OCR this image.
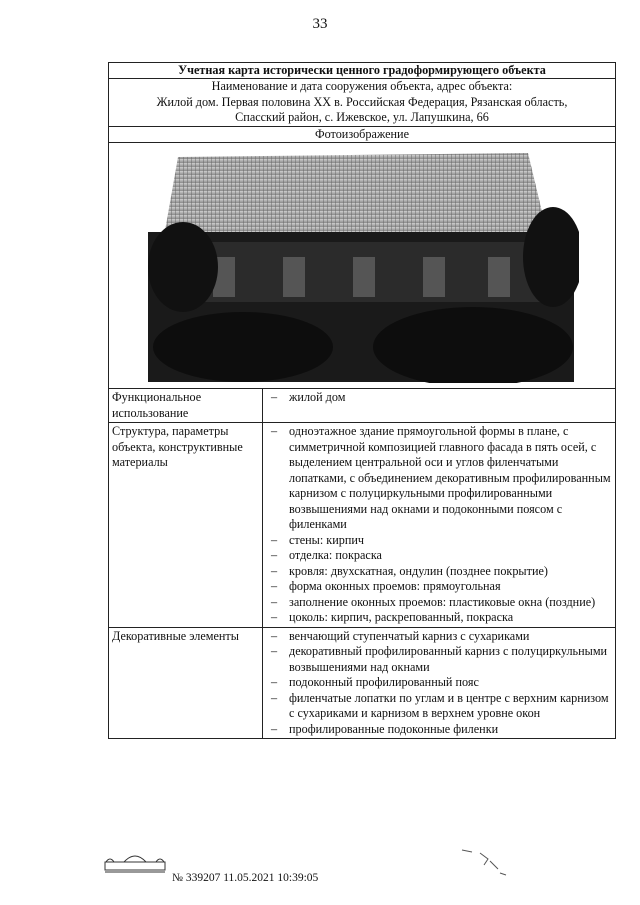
33
Учетная карта исторически ценного градоформирующего объекта
Наименование и дата сооружения объекта, адрес объекта:
Жилой дом. Первая половина XX в. Российская Федерация, Рязанская область,
Спасский район, с. Ижевское, ул. Лапушкина, 66
Фотоизображение
Функциональное использование
– жилой дом
Структура, параметры объекта, конструктивные материалы
– одноэтажное здание прямоугольной формы в плане, с симметричной композицией главного фасада в пять осей, с выделением центральной оси и углов филенчатыми лопатками, с объединением декоративным профилированным карнизом с полуциркульными профилированными возвышениями над окнами и подоконными поясом с филенками
– стены: кирпич
– отделка: покраска
– кровля: двухскатная, ондулин (позднее покрытие)
– форма оконных проемов: прямоугольная
– заполнение оконных проемов: пластиковые окна (поздние)
– цоколь: кирпич, раскрепованный, покраска
Декоративные элементы	– венчающий ступенчатый карниз с сухариками
– декоративный профилированный карниз с полуциркульными возвышениями над окнами
– подоконный профилированный пояс
– филенчатые лопатки по углам и в центре с верхним карнизом с сухариками и карнизом в верхнем уровне окон
– профилированные подоконные филенки
№ 339207 11.05.2021 10:39:05
